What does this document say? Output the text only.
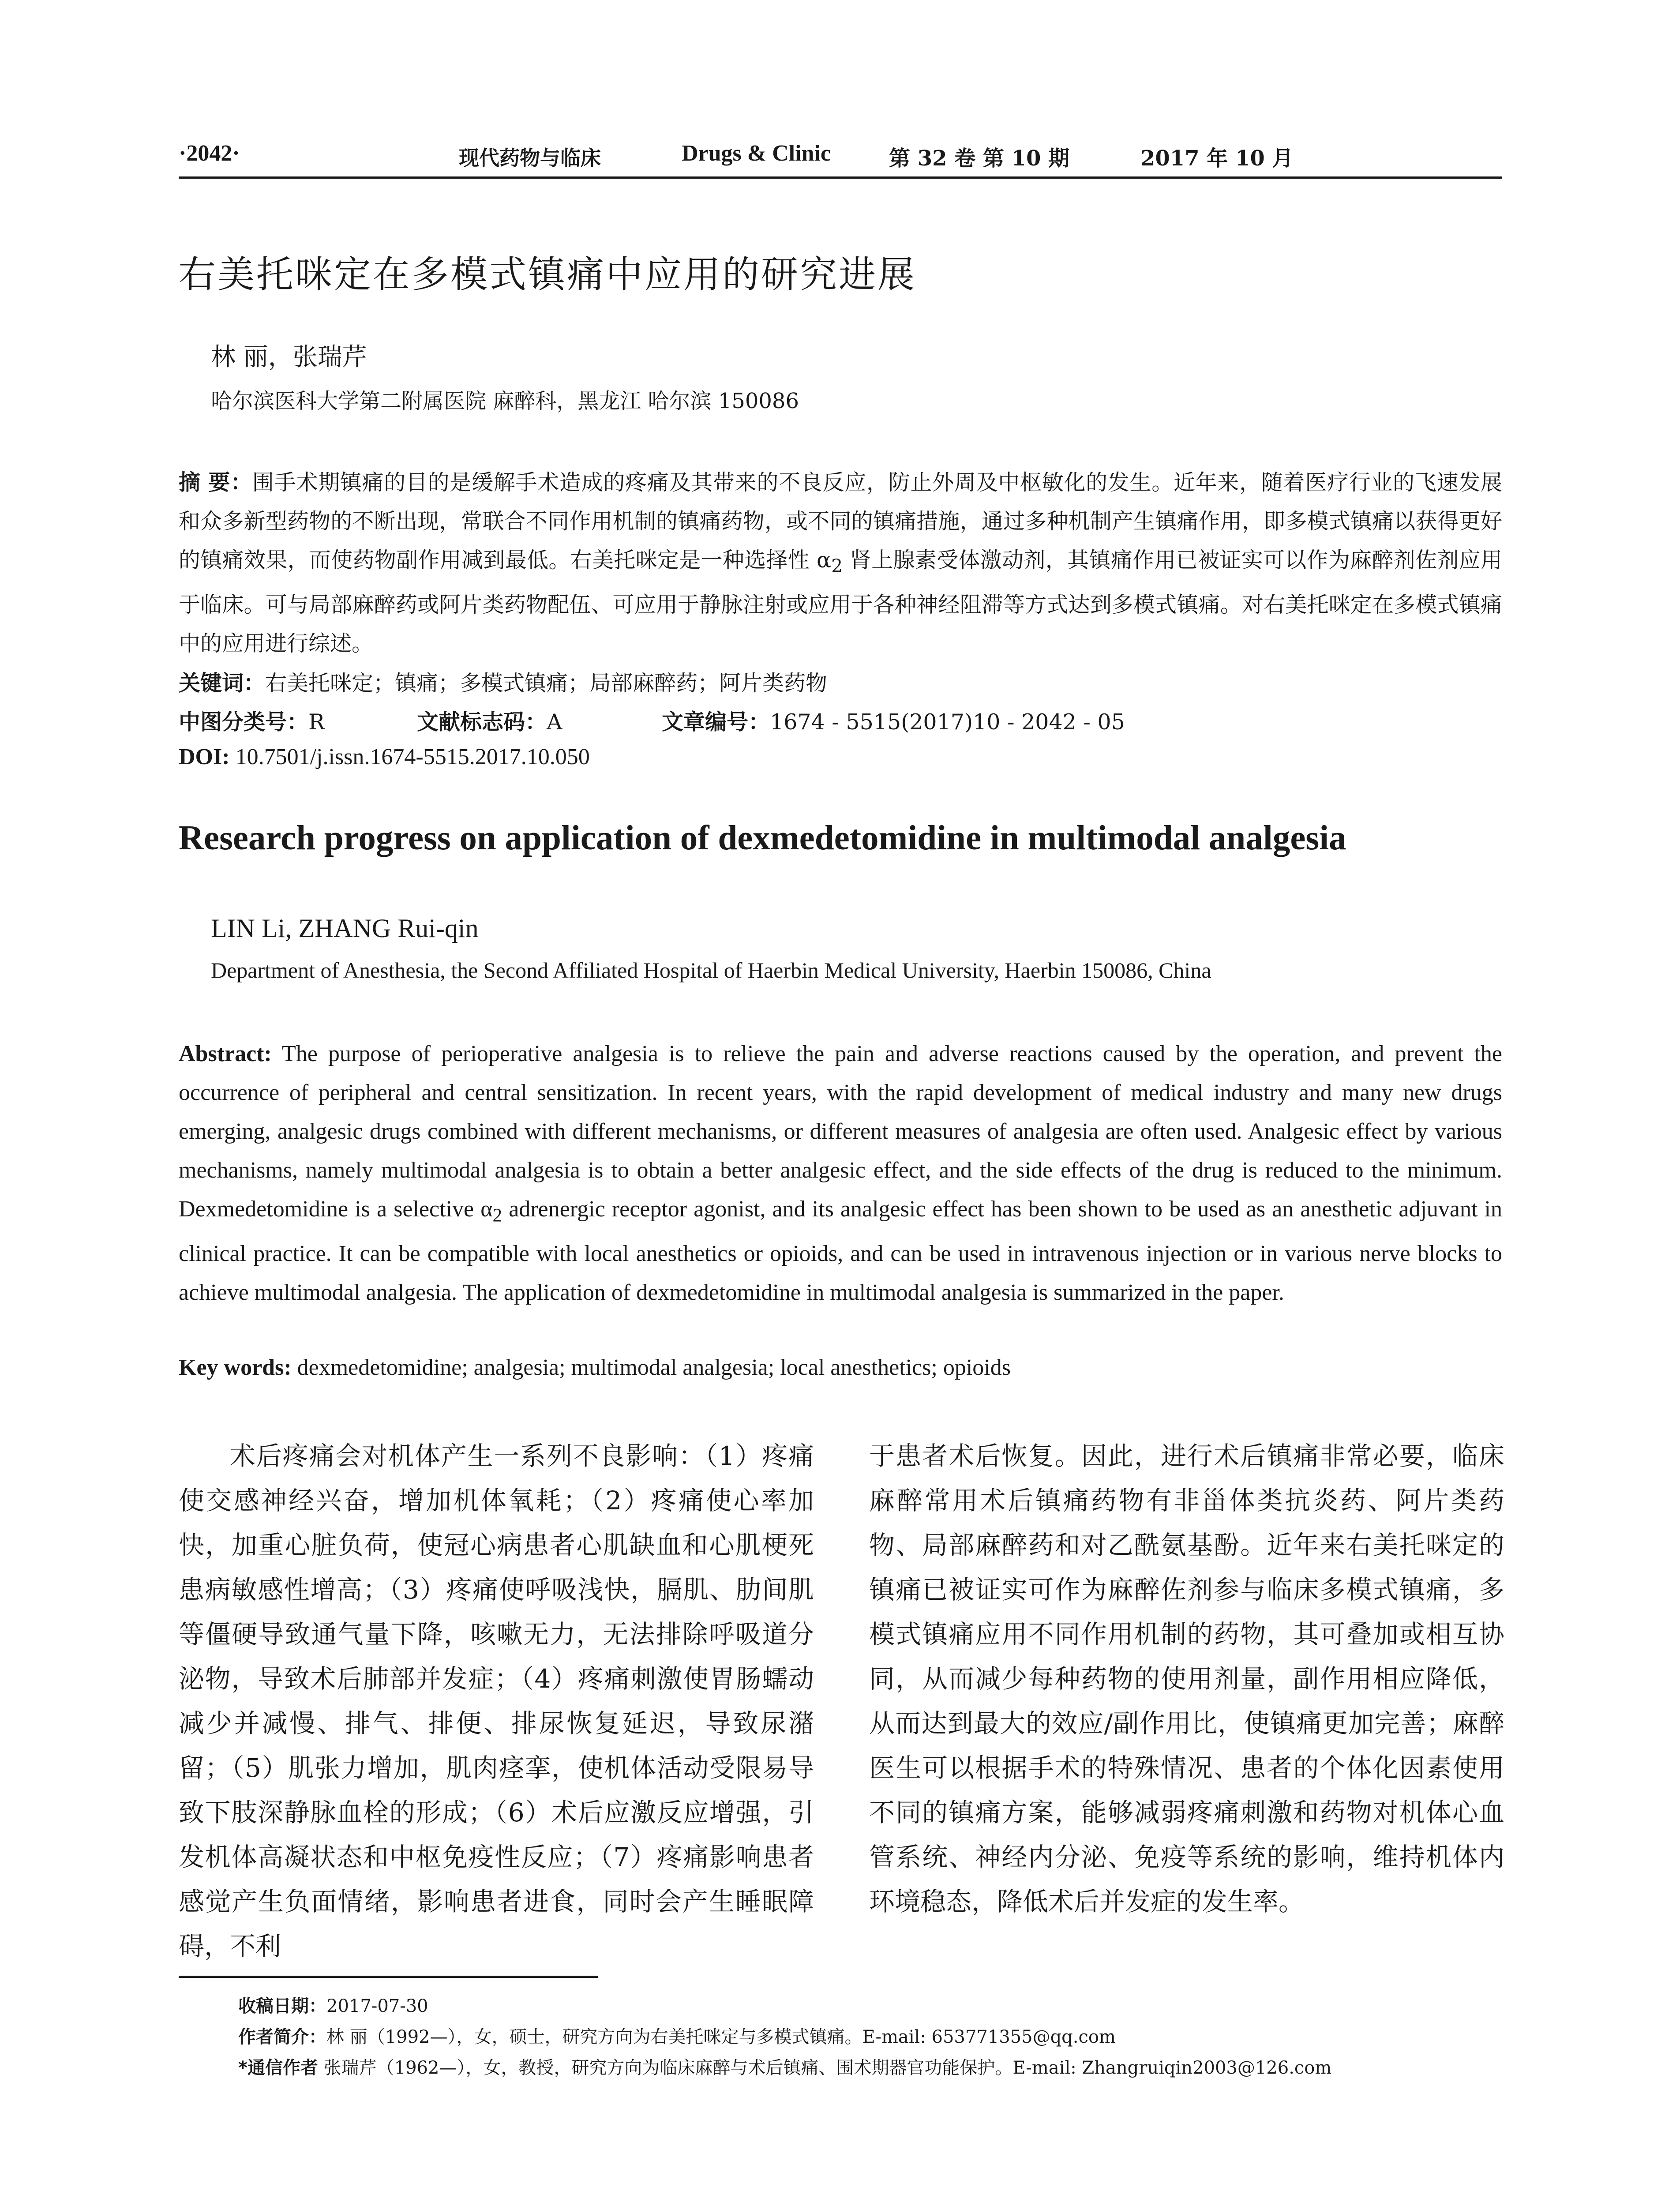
·2042·	现代药物与临床	Drugs & Clinic	第 32 卷 第 10 期	2017 年 10 月
右美托咪定在多模式镇痛中应用的研究进展
林 丽，张瑞芹
哈尔滨医科大学第二附属医院 麻醉科，黑龙江 哈尔滨 150086
摘 要：围手术期镇痛的目的是缓解手术造成的疼痛及其带来的不良反应，防止外周及中枢敏化的发生。近年来，随着医疗行业的飞速发展和众多新型药物的不断出现，常联合不同作用机制的镇痛药物，或不同的镇痛措施，通过多种机制产生镇痛作用，即多模式镇痛以获得更好的镇痛效果，而使药物副作用减到最低。右美托咪定是一种选择性 $\alpha_2$ 肾上腺素受体激动剂，其镇痛作用已被证实可以作为麻醉剂佐剂应用于临床。可与局部麻醉药或阿片类药物配伍、可应用于静脉注射或应用于各种神经阻滞等方式达到多模式镇痛。对右美托咪定在多模式镇痛中的应用进行综述。
关键词：右美托咪定；镇痛；多模式镇痛；局部麻醉药；阿片类药物
中图分类号：R	文献标志码：A	文章编号：1674 - 5515(2017)10 - 2042 - 05
DOI: 10.7501/j.issn.1674-5515.2017.10.050
Research progress on application of dexmedetomidine in multimodal analgesia
LIN Li, ZHANG Rui-qin
Department of Anesthesia, the Second Affiliated Hospital of Haerbin Medical University, Haerbin 150086, China
Abstract: The purpose of perioperative analgesia is to relieve the pain and adverse reactions caused by the operation, and prevent the occurrence of peripheral and central sensitization. In recent years, with the rapid development of medical industry and many new drugs emerging, analgesic drugs combined with different mechanisms, or different measures of analgesia are often used. Analgesic effect by various mechanisms, namely multimodal analgesia is to obtain a better analgesic effect, and the side effects of the drug is reduced to the minimum. Dexmedetomidine is a selective $\alpha_2$ adrenergic receptor agonist, and its analgesic effect has been shown to be used as an anesthetic adjuvant in clinical practice. It can be compatible with local anesthetics or opioids, and can be used in intravenous injection or in various nerve blocks to achieve multimodal analgesia. The application of dexmedetomidine in multimodal analgesia is summarized in the paper.
Key words: dexmedetomidine; analgesia; multimodal analgesia; local anesthetics; opioids
术后疼痛会对机体产生一系列不良影响：（1）疼痛使交感神经兴奋，增加机体氧耗；（2）疼痛使心率加快，加重心脏负荷，使冠心病患者心肌缺血和心肌梗死患病敏感性增高；（3）疼痛使呼吸浅快，膈肌、肋间肌等僵硬导致通气量下降，咳嗽无力，无法排除呼吸道分泌物，导致术后肺部并发症；（4）疼痛刺激使胃肠蠕动减少并减慢、排气、排便、排尿恢复延迟，导致尿潴留；（5）肌张力增加，肌肉痉挛，使机体活动受限易导致下肢深静脉血栓的形成；（6）术后应激反应增强，引发机体高凝状态和中枢免疫性反应；（7）疼痛影响患者感觉产生负面情绪，影响患者进食，同时会产生睡眠障碍，不利
于患者术后恢复。因此，进行术后镇痛非常必要，临床麻醉常用术后镇痛药物有非甾体类抗炎药、阿片类药物、局部麻醉药和对乙酰氨基酚。近年来右美托咪定的镇痛已被证实可作为麻醉佐剂参与临床多模式镇痛，多模式镇痛应用不同作用机制的药物，其可叠加或相互协同，从而减少每种药物的使用剂量，副作用相应降低，从而达到最大的效应/副作用比，使镇痛更加完善；麻醉医生可以根据手术的特殊情况、患者的个体化因素使用不同的镇痛方案，能够减弱疼痛刺激和药物对机体心血管系统、神经内分泌、免疫等系统的影响，维持机体内环境稳态，降低术后并发症的发生率。
收稿日期：2017-07-30
作者简介：林 丽（1992—），女，硕士，研究方向为右美托咪定与多模式镇痛。E-mail: 653771355@qq.com
*通信作者 张瑞芹（1962—），女，教授，研究方向为临床麻醉与术后镇痛、围术期器官功能保护。E-mail: Zhangruiqin2003@126.com
